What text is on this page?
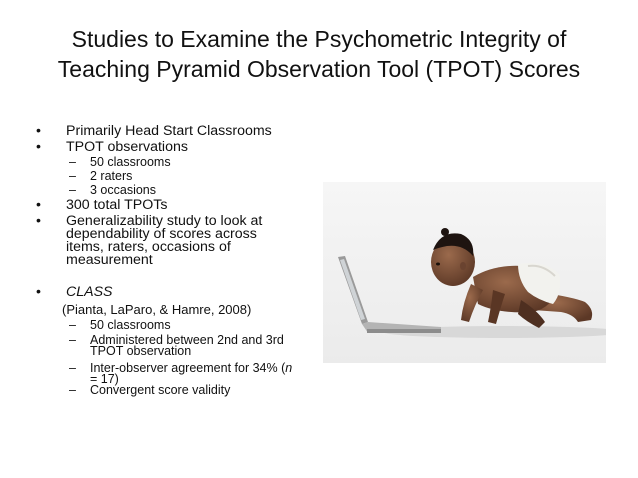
Studies to Examine the Psychometric Integrity of
Teaching Pyramid Observation Tool (TPOT) Scores
• Primarily Head Start Classrooms
• TPOT observations
– 50 classrooms
– 2 raters
– 3 occasions
• 300 total TPOTs
• Generalizability study to look at
dependability of scores across
items, raters, occasions of
measurement
• CLASS
(Pianta, LaParo, & Hamre, 2008)
– 50 classrooms
– Administered between 2nd and 3rd
TPOT observation
– Inter-observer agreement for 34% (n
= 17)
– Convergent score validity
